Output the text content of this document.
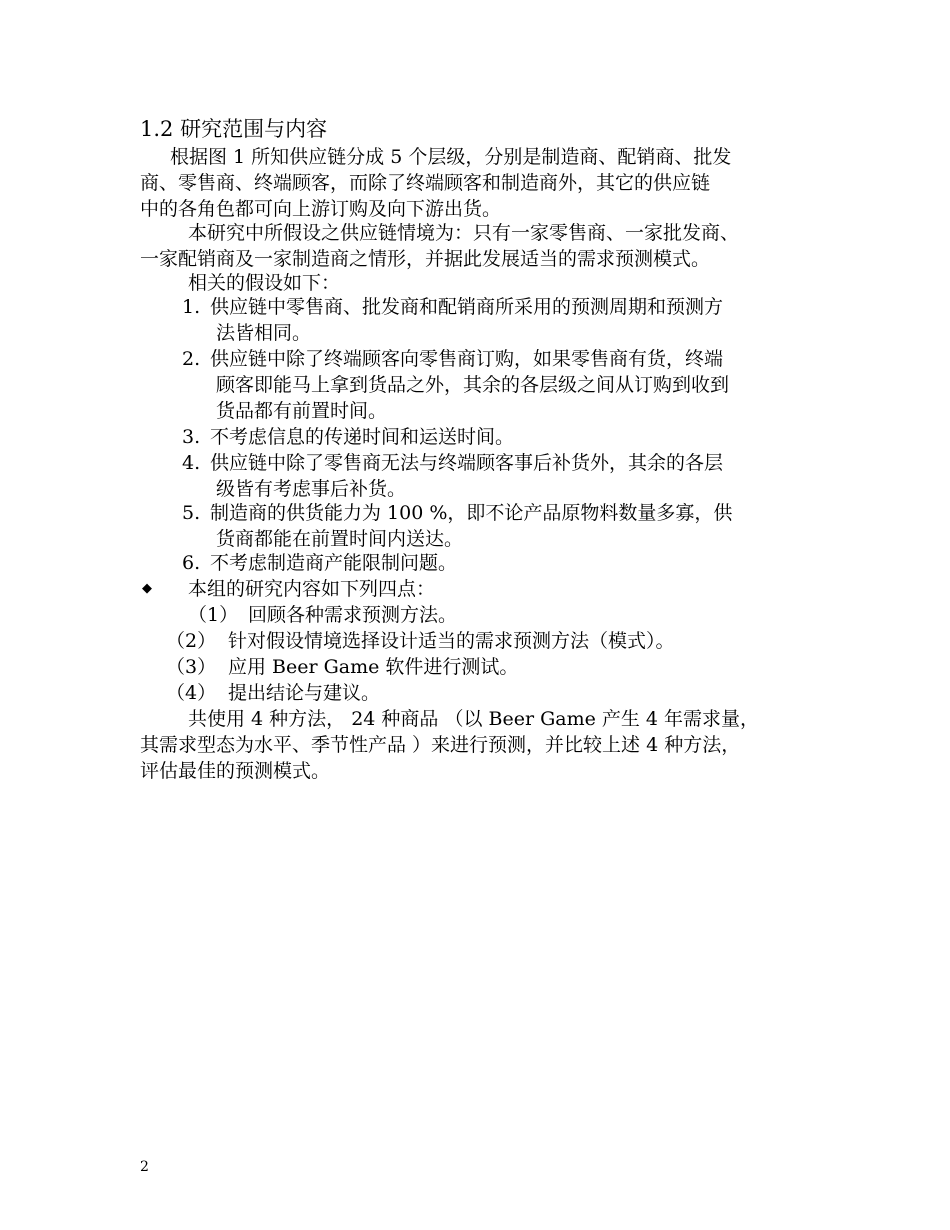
1.2 研究范围与内容
根据图 1 所知供应链分成 5 个层级，分别是制造商、配销商、批发
商、零售商、终端顾客，而除了终端顾客和制造商外，其它的供应链
中的各角色都可向上游订购及向下游出货。
本研究中所假设之供应链情境为：只有一家零售商、一家批发商、
一家配销商及一家制造商之情形，并据此发展适当的需求预测模式。
相关的假设如下：
1. 供应链中零售商、批发商和配销商所采用的预测周期和预测方
法皆相同。
2. 供应链中除了终端顾客向零售商订购，如果零售商有货，终端
顾客即能马上拿到货品之外，其余的各层级之间从订购到收到
货品都有前置时间。
3. 不考虑信息的传递时间和运送时间。
4. 供应链中除了零售商无法与终端顾客事后补货外，其余的各层
级皆有考虑事后补货。
5. 制造商的供货能力为 100 %，即不论产品原物料数量多寡，供
货商都能在前置时间内送达。
6. 不考虑制造商产能限制问题。
◆ 本组的研究内容如下列四点：
（1） 回顾各种需求预测方法。
（2） 针对假设情境选择设计适当的需求预测方法（模式）。
（3） 应用 Beer Game 软件进行测试。
（4） 提出结论与建议。
共使用 4 种方法， 24 种商品 （以 Beer Game 产生 4 年需求量，
其需求型态为水平、季节性产品 ）来进行预测，并比较上述 4 种方法，
评估最佳的预测模式。
2
